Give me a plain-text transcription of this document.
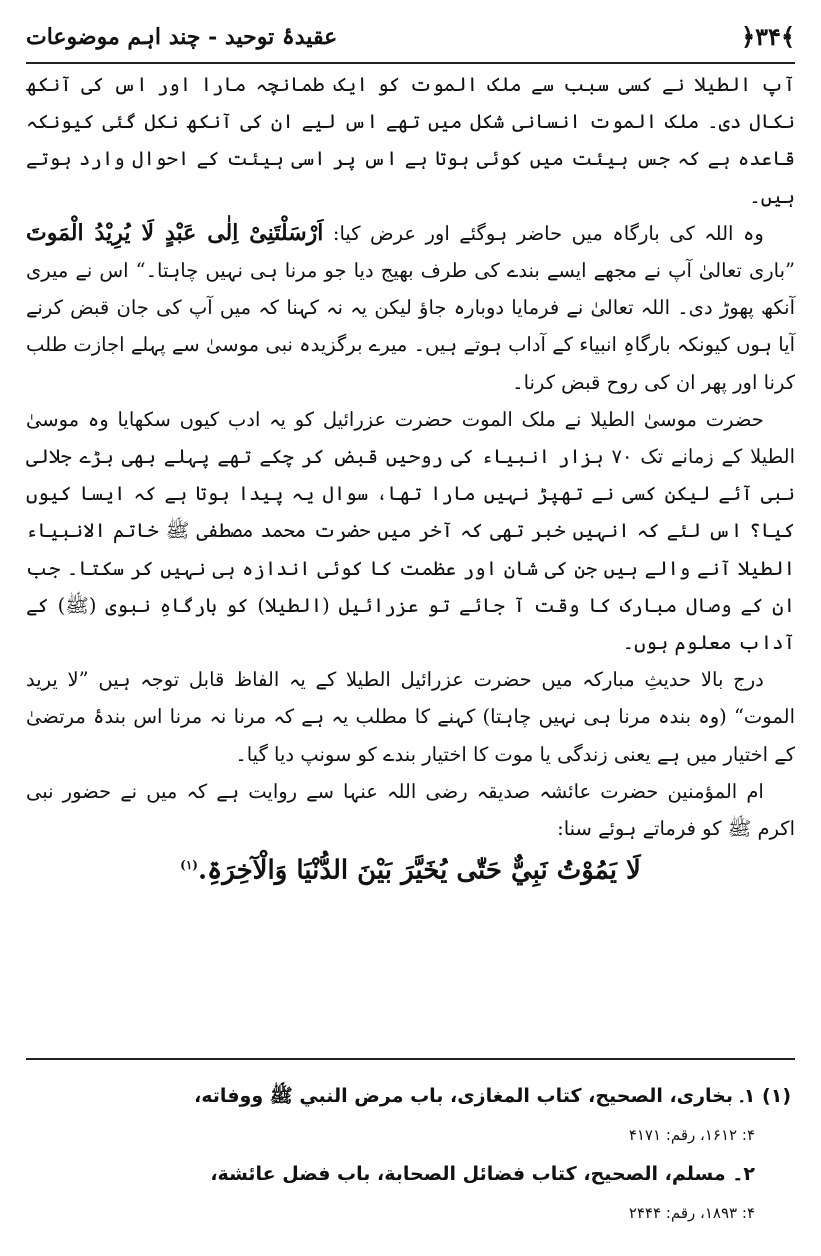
﴿۳۴﴾
عقیدۂ توحید - چند اہم موضوعات

آپ الطیلا نے کسی سبب سے ملک الموت کو ایک طمانچہ مارا اور اس کی آنکھ نکال دی۔ ملک الموت انسانی شکل میں تھے اس لیے ان کی آنکھ نکل گئی کیونکہ قاعدہ ہے کہ جس ہیئت میں کوئی ہوتا ہے اس پر اسی ہیئت کے احوال وارد ہوتے ہیں۔

وہ اللہ کی بارگاہ میں حاضر ہوگئے اور عرض کیا: اَرْسَلْتَنِیْ اِلٰی عَبْدٍ لَا یُرِیْدُ الْمَوتَ ”باری تعالیٰ آپ نے مجھے ایسے بندے کی طرف بھیج دیا جو مرنا ہی نہیں چاہتا۔“ اس نے میری آنکھ پھوڑ دی۔ اللہ تعالیٰ نے فرمایا دوبارہ جاؤ لیکن یہ نہ کہنا کہ میں آپ کی جان قبض کرنے آیا ہوں کیونکہ بارگاہِ انبیاء کے آداب ہوتے ہیں۔ میرے برگزیدہ نبی موسیٰ سے پہلے اجازت طلب کرنا اور پھر ان کی روح قبض کرنا۔

حضرت موسیٰ الطیلا نے ملک الموت حضرت عزرائیل کو یہ ادب کیوں سکھایا وہ موسیٰ الطیلا کے زمانے تک ۷۰ ہزار انبیاء کی روحیں قبض کر چکے تھے پہلے بھی بڑے جلالی نبی آئے لیکن کسی نے تھپڑ نہیں مارا تھا، سوال یہ پیدا ہوتا ہے کہ ایسا کیوں کیا؟ اس لئے کہ انہیں خبر تھی کہ آخر میں حضرت محمد مصطفی ﷺ خاتم الانبیاء الطیلا آنے والے ہیں جن کی شان اور عظمت کا کوئی اندازہ ہی نہیں کر سکتا۔ جب ان کے وصال مبارک کا وقت آ جائے تو عزرائیل (الطیلا) کو بارگاہِ نبوی (ﷺ) کے آداب معلوم ہوں۔

درج بالا حدیثِ مبارکہ میں حضرت عزرائیل الطیلا کے یہ الفاظ قابل توجہ ہیں ”لا یرید الموت“ (وہ بندہ مرنا ہی نہیں چاہتا) کہنے کا مطلب یہ ہے کہ مرنا نہ مرنا اس بندۂ مرتضیٰ کے اختیار میں ہے یعنی زندگی یا موت کا اختیار بندے کو سونپ دیا گیا۔

ام المؤمنین حضرت عائشہ صدیقہ رضی اللہ عنہا سے روایت ہے کہ میں نے حضور نبی اکرم ﷺ کو فرماتے ہوئے سنا:

لَا یَمُوْتُ نَبِيٌّ حَتّٰی یُخَیَّرَ بَیْنَ الدُّنْیَا وَالْآخِرَۃِ.$^{(۱)}$

(۱) ۱۔ بخاری، الصحیح، کتاب المغازی، باب مرض النبي ﷺ ووفاته،

۴: ۱۶۱۲، رقم: ۴۱۷۱

۲۔ مسلم، الصحیح، کتاب فضائل الصحابة، باب فضل عائشة،

۴: ۱۸۹۳، رقم: ۲۴۴۴
